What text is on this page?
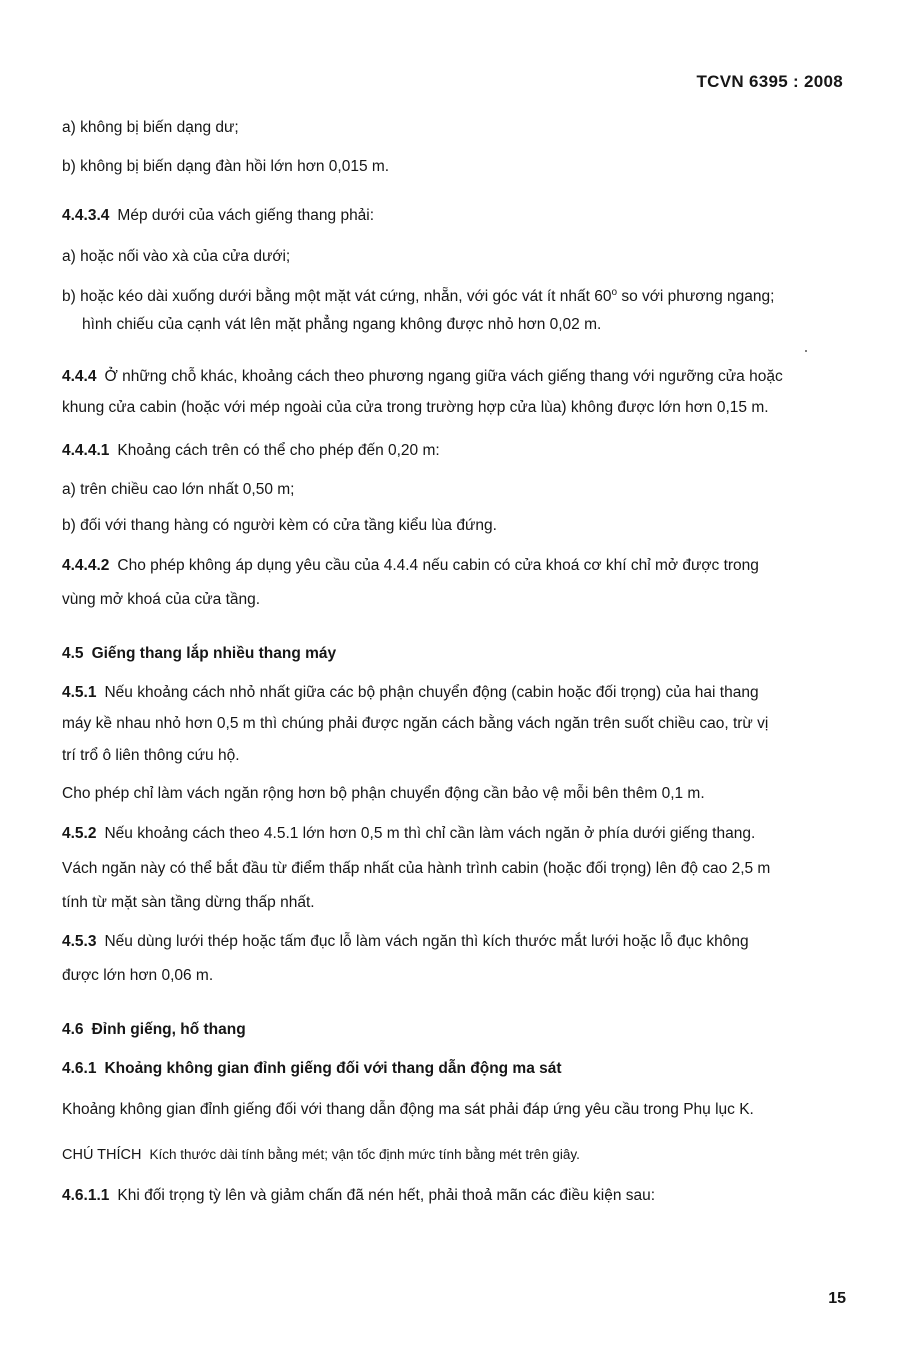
TCVN 6395 : 2008
a) không bị biến dạng dư;
b) không bị biến dạng đàn hồi lớn hơn 0,015 m.
4.4.3.4 Mép dưới của vách giếng thang phải:
a) hoặc nối vào xà của cửa dưới;
b) hoặc kéo dài xuống dưới bằng một mặt vát cứng, nhẵn, với góc vát ít nhất 60$^o$ so với phương ngang;
hình chiếu của cạnh vát lên mặt phẳng ngang không được nhỏ hơn 0,02 m.
4.4.4 Ở những chỗ khác, khoảng cách theo phương ngang giữa vách giếng thang với ngưỡng cửa hoặc
khung cửa cabin (hoặc với mép ngoài của cửa trong trường hợp cửa lùa) không được lớn hơn 0,15 m.
4.4.4.1 Khoảng cách trên có thể cho phép đến 0,20 m:
a) trên chiều cao lớn nhất 0,50 m;
b) đối với thang hàng có người kèm có cửa tầng kiểu lùa đứng.
4.4.4.2 Cho phép không áp dụng yêu cầu của 4.4.4 nếu cabin có cửa khoá cơ khí chỉ mở được trong
vùng mở khoá của cửa tầng.
4.5 Giếng thang lắp nhiều thang máy
4.5.1 Nếu khoảng cách nhỏ nhất giữa các bộ phận chuyển động (cabin hoặc đối trọng) của hai thang
máy kề nhau nhỏ hơn 0,5 m thì chúng phải được ngăn cách bằng vách ngăn trên suốt chiều cao, trừ vị
trí trổ ô liên thông cứu hộ.
Cho phép chỉ làm vách ngăn rộng hơn bộ phận chuyển động cần bảo vệ mỗi bên thêm 0,1 m.
4.5.2 Nếu khoảng cách theo 4.5.1 lớn hơn 0,5 m thì chỉ cần làm vách ngăn ở phía dưới giếng thang.
Vách ngăn này có thể bắt đầu từ điểm thấp nhất của hành trình cabin (hoặc đối trọng) lên độ cao 2,5 m
tính từ mặt sàn tầng dừng thấp nhất.
4.5.3 Nếu dùng lưới thép hoặc tấm đục lỗ làm vách ngăn thì kích thước mắt lưới hoặc lỗ đục không
được lớn hơn 0,06 m.
4.6 Đỉnh giếng, hố thang
4.6.1 Khoảng không gian đỉnh giếng đối với thang dẫn động ma sát
Khoảng không gian đỉnh giếng đối với thang dẫn động ma sát phải đáp ứng yêu cầu trong Phụ lục K.
CHÚ THÍCH Kích thước dài tính bằng mét; vận tốc định mức tính bằng mét trên giây.
4.6.1.1 Khi đối trọng tỳ lên và giảm chấn đã nén hết, phải thoả mãn các điều kiện sau:
15
